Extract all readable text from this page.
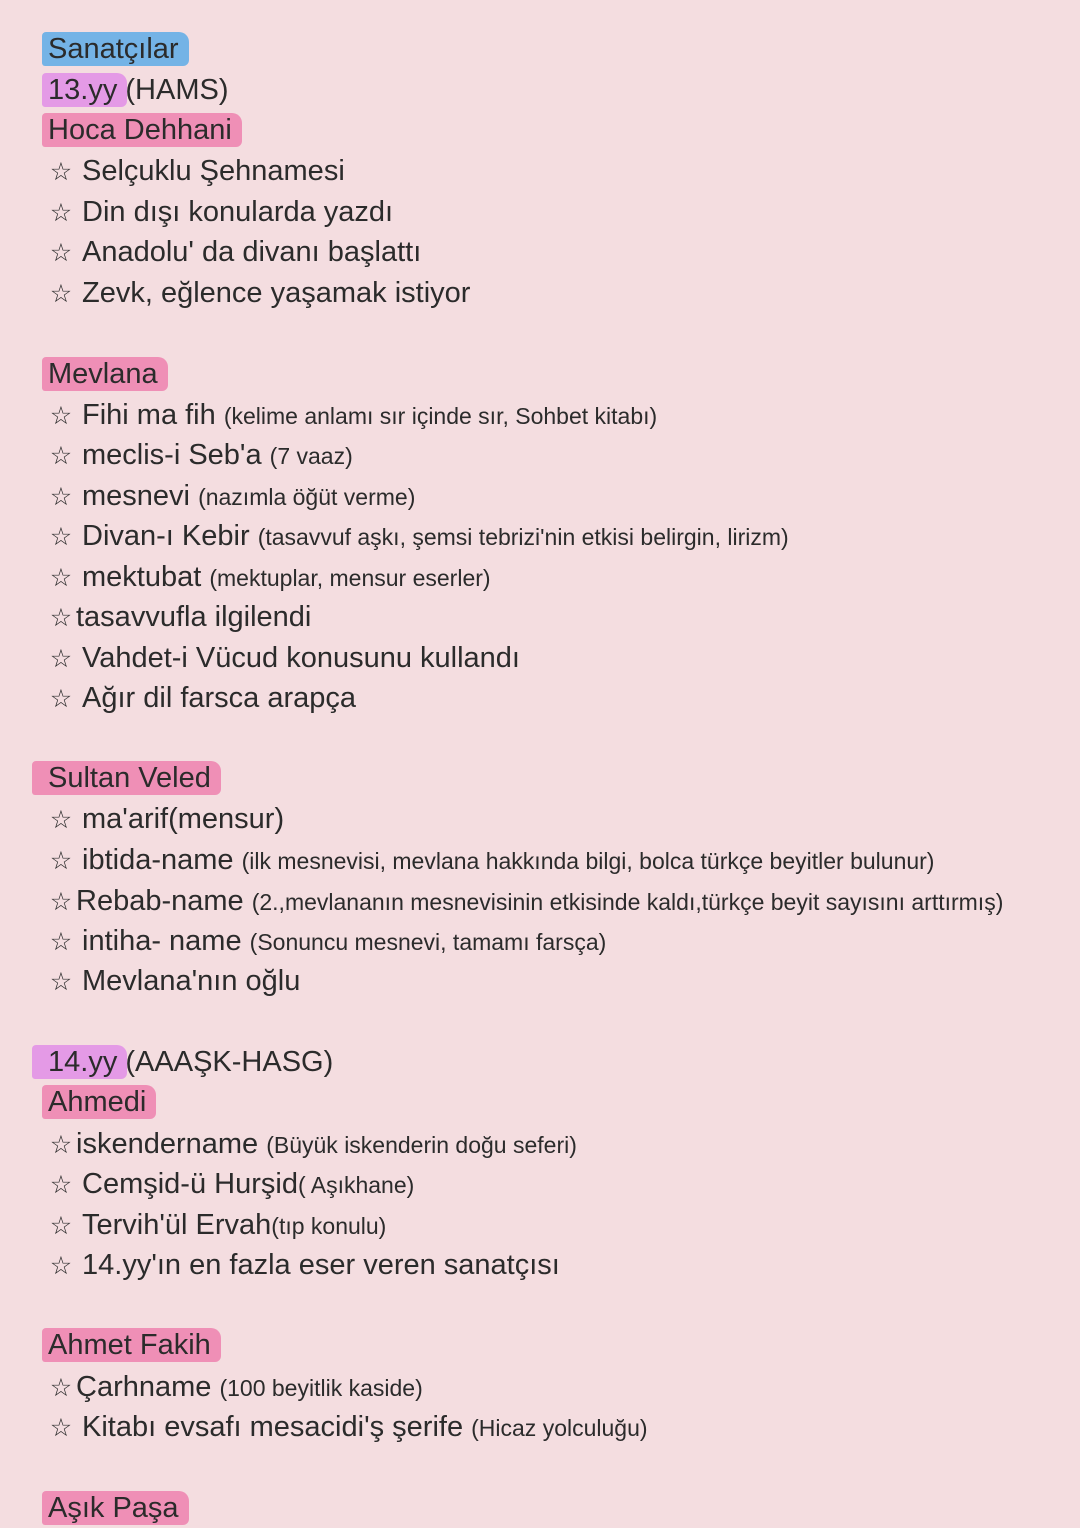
Sanatçılar
13.yy (HAMS)
Hoca Dehhani
☆ Selçuklu Şehnamesi
☆ Din dışı konularda yazdı
☆ Anadolu' da divanı başlattı
☆ Zevk, eğlence yaşamak istiyor
Mevlana
☆ Fihi ma fih (kelime anlamı sır içinde sır, Sohbet kitabı)
☆ meclis-i Seb'a (7 vaaz)
☆ mesnevi (nazımla öğüt verme)
☆ Divan-ı Kebir (tasavvuf aşkı, şemsi tebrizi'nin etkisi belirgin, lirizm)
☆ mektubat (mektuplar, mensur eserler)
☆ tasavvufla ilgilendi
☆ Vahdet-i Vücud konusunu kullandı
☆ Ağır dil farsca arapça
Sultan Veled
☆ ma'arif(mensur)
☆ ibtida-name (ilk mesnevisi, mevlana hakkında bilgi, bolca türkçe beyitler bulunur)
☆ Rebab-name (2.,mevlananın mesnevisinin etkisinde kaldı,türkçe beyit sayısını arttırmış)
☆ intiha- name (Sonuncu mesnevi, tamamı farsça)
☆ Mevlana'nın oğlu
14.yy (AAAŞK-HASG)
Ahmedi
☆ iskendername (Büyük iskenderin doğu seferi)
☆ Cemşid-ü Hurşid( Aşıkhane)
☆ Tervih'ül Ervah(tıp konulu)
☆ 14.yy'ın en fazla eser veren sanatçısı
Ahmet Fakih
☆ Çarhname (100 beyitlik kaside)
☆ Kitabı evsafı mesacidi'ş şerife (Hicaz yolculuğu)
Aşık Paşa
